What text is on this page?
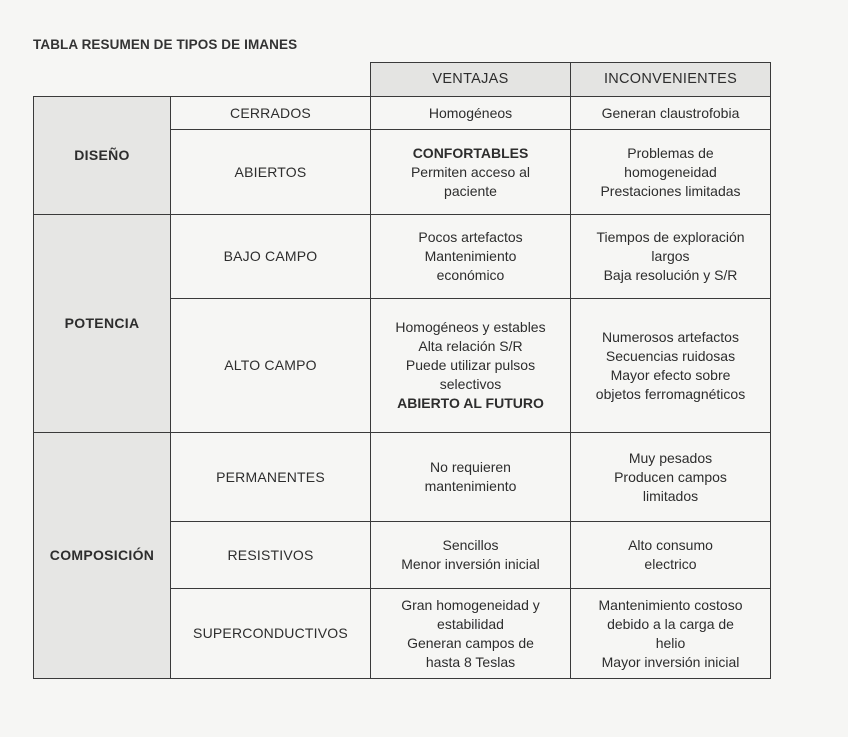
TABLA RESUMEN DE TIPOS DE IMANES
		VENTAJAS	INCONVENIENTES
DISEÑO	CERRADOS	Homogéneos	Generan claustrofobia

	ABIERTOS	CONFORTABLES
Permiten acceso al
paciente	Problemas de
homogeneidad
Prestaciones limitadas

POTENCIA	BAJO CAMPO	Pocos artefactos
Mantenimiento
económico	Tiempos de exploración
largos
Baja resolución y S/R

	ALTO CAMPO	Homogéneos y estables
Alta relación S/R
Puede utilizar pulsos
selectivos
ABIERTO AL FUTURO	Numerosos artefactos
Secuencias ruidosas
Mayor efecto sobre
objetos ferromagnéticos

COMPOSICIÓN	PERMANENTES	No requieren
mantenimiento	Muy pesados
Producen campos
limitados

	RESISTIVOS	Sencillos
Menor inversión inicial	Alto consumo
electrico

	SUPERCONDUCTIVOS	Gran homogeneidad y
estabilidad
Generan campos de
hasta 8 Teslas	Mantenimiento costoso
debido a la carga de
helio
Mayor inversión inicial
